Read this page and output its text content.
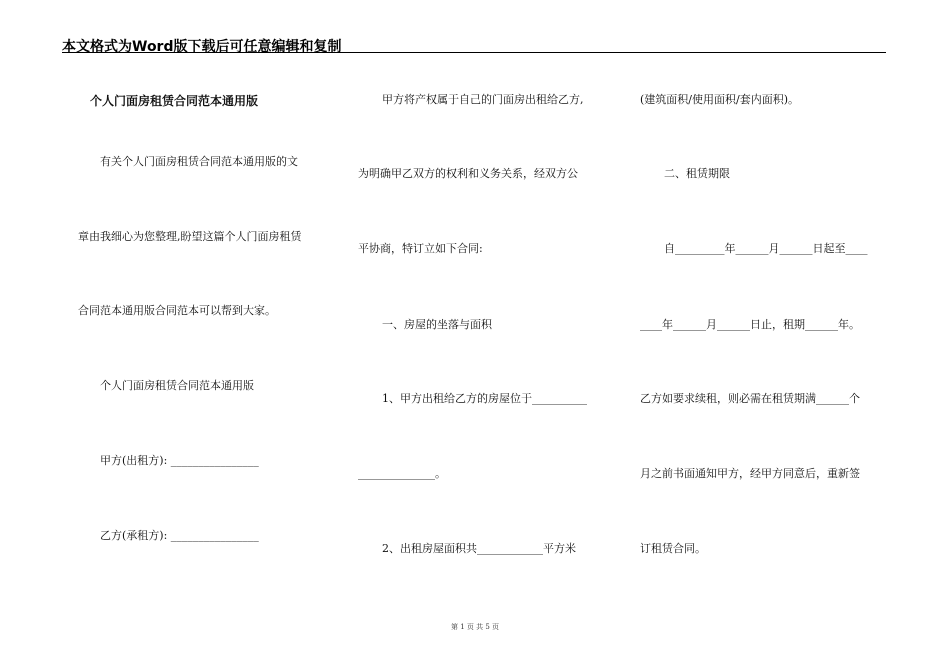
本文格式为Word版下载后可任意编辑和复制
个人门面房租赁合同范本通用版
有关个人门面房租赁合同范本通用版的文
章由我细心为您整理,盼望这篇个人门面房租赁
合同范本通用版合同范本可以帮到大家。
个人门面房租赁合同范本通用版
甲方(出租方): ________________
乙方(承租方): ________________
甲方将产权属于自己的门面房出租给乙方,
为明确甲乙双方的权利和义务关系，经双方公
平协商，特订立如下合同:
一、房屋的坐落与面积
1、甲方出租给乙方的房屋位于__________
______________。
2、出租房屋面积共____________平方米
(建筑面积/使用面积/套内面积)。
二、租赁期限
自_________年______月______日起至____
____年______月______日止，租期______年。
乙方如要求续租，则必需在租赁期满______个
月之前书面通知甲方，经甲方同意后，重新签
订租赁合同。
第 1 页 共 5 页
